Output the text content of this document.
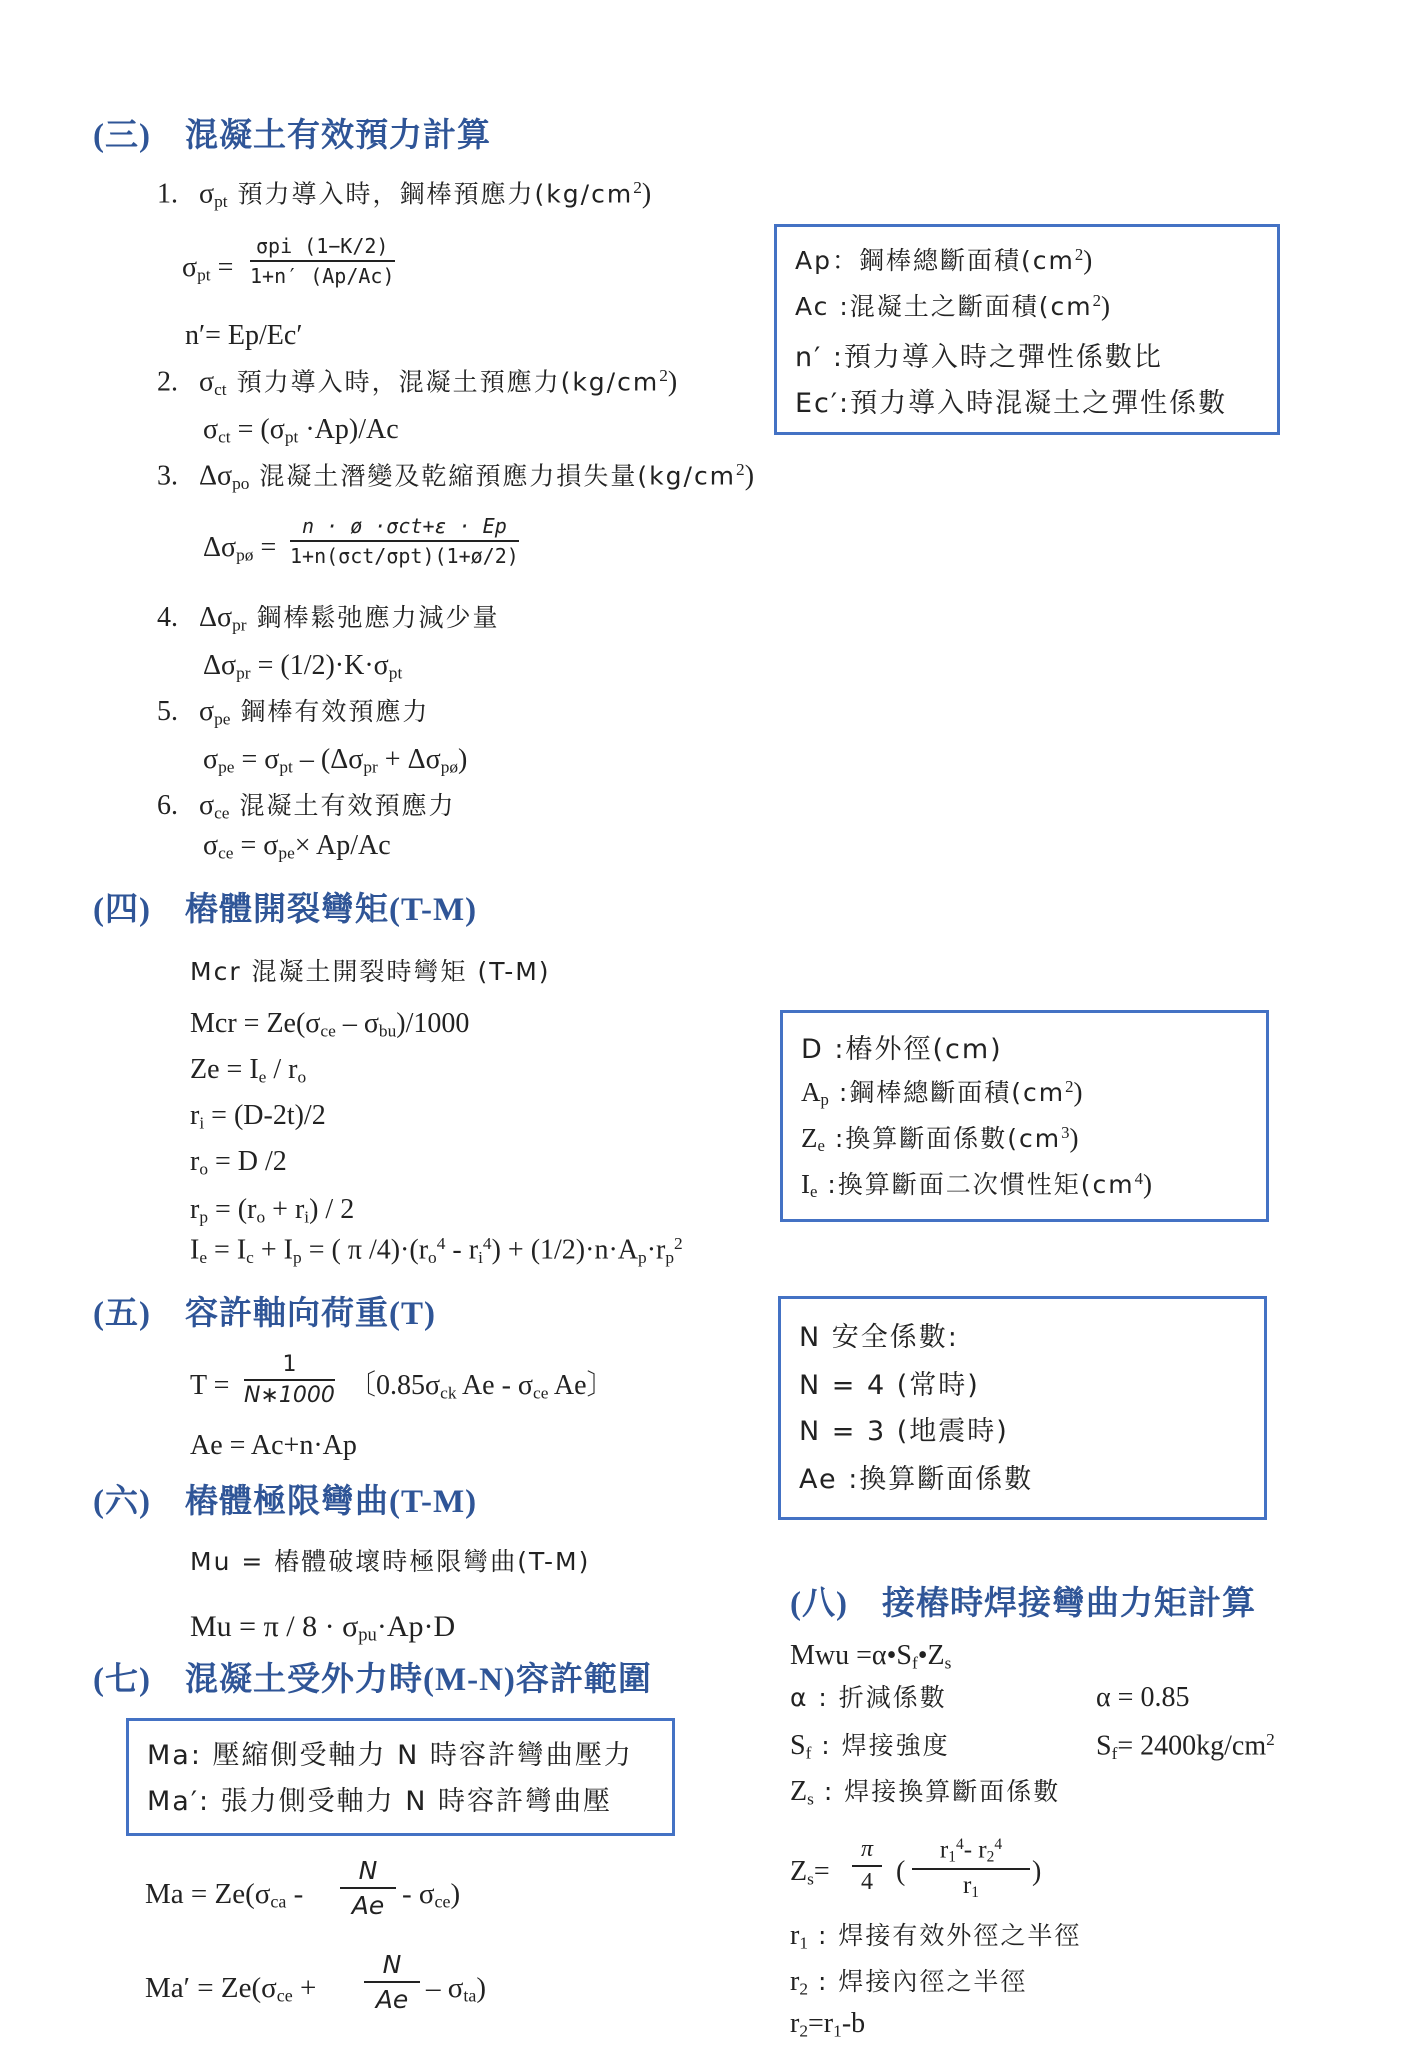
(三)　混凝土有效預力計算
1. $\sigma_{pt}$ 預力導入時，鋼棒預應力$(kg/cm^2)$
$\sigma_{pt}$ =
σpi (1−K/2)
1+n′ (Ap/Ac)
n′= Ep/Ec′
2. $\sigma_{ct}$ 預力導入時，混凝土預應力$(kg/cm^2)$
$\sigma_{ct} = (\sigma_{pt} \cdot Ap)/Ac$
3. $\Delta\sigma_{po}$ 混凝土潛變及乾縮預應力損失量$(kg/cm^2)$
$\Delta\sigma_{pø}$ =
n · ø ·σct+ε · Ep
1+n(σct/σpt)(1+ø/2)
4. $\Delta\sigma_{pr}$ 鋼棒鬆弛應力減少量
$\Delta\sigma_{pr} = (1/2)\cdot K\cdot\sigma_{pt}$
5. $\sigma_{pe}$ 鋼棒有效預應力
$\sigma_{pe} = \sigma_{pt} - (\Delta\sigma_{pr} + \Delta\sigma_{pø})$
6. $\sigma_{ce}$ 混凝土有效預應力
$\sigma_{ce} = \sigma_{pe}\times Ap/Ac$
Ap：鋼棒總斷面積$(cm^2)$
Ac :混凝土之斷面積$(cm^2)$
n′ :預力導入時之彈性係數比
Ec′:預力導入時混凝土之彈性係數
(四)　樁體開裂彎矩(T-M)
Mcr 混凝土開裂時彎矩 (T-M)
Mcr = $Ze(\sigma_{ce} - \sigma_{bu})/1000$
$Ze = I_e / r_o$
$r_i = (D-2t)/2$
$r_o = D$ /2
$r_p = (r_o + r_i) / 2$
$I_e = I_c + I_p$ = ( π $/4)\cdot(r_o^4 - r_i^4) + (1/2)\cdot n\cdot A_p\cdot r_p^2$
D :樁外徑(cm)
$A_p$ :鋼棒總斷面積$(cm^2)$
$Z_e$ :換算斷面係數$(cm^3)$
$I_e$ :換算斷面二次慣性矩$(cm^4)$
(五)　容許軸向荷重(T)
T =
1
N∗1000 〔$0.85\sigma_{ck}$ Ae - $\sigma_{ce}$ Ae〕
Ae = Ac+n·Ap
N 安全係數:
N = 4 (常時)
N = 3 (地震時)
Ae :換算斷面係數
(六)　樁體極限彎曲(T-M)
Mu = 樁體破壞時極限彎曲(T-M)
$Mu = \pi / 8 \cdot \sigma_{pu}\cdot Ap\cdot D$
(七)　混凝土受外力時(M-N)容許範圍
Ma: 壓縮側受軸力 N 時容許彎曲壓力
Ma′: 張力側受軸力 N 時容許彎曲壓
$Ma = Ze(\sigma_{ca}$ -
N
Ae - $\sigma_{ce}$)
$Ma' = Ze(\sigma_{ce}$ +
N
Ae – $\sigma_{ta}$)
(八)　接樁時焊接彎曲力矩計算
Mwu $=\alpha•S_f•Z_s$
α : 折減係數	α = 0.85
$S_f$ : 焊接強度	$S_f= 2400kg/cm^2$
$Z_s$ : 焊接換算斷面係數
$Z_s=$
π
4 (
$r_1^4-$ $r_2^4$
$r_1$
)
$r_1$ : 焊接有效外徑之半徑
$r_2$ : 焊接內徑之半徑
$r_2=r_1-b$
